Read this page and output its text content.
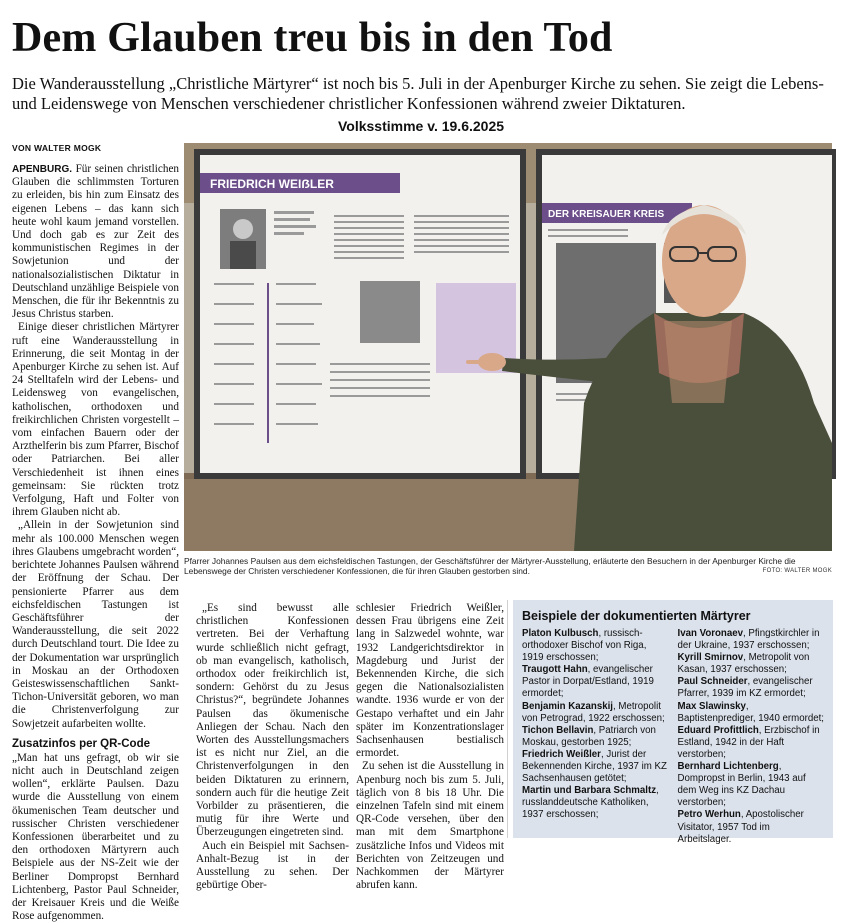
Dem Glauben treu bis in den Tod

Die Wanderausstellung „Christliche Märtyrer“ ist noch bis 5. Juli in der Apenburger Kirche zu sehen. Sie zeigt die Lebens- und Leidenswege von Menschen verschiedener christlicher Konfessionen während zweier Diktaturen.

Volksstimme v. 19.6.2025
VON WALTER MOGK

APENBURG. Für seinen christlichen Glauben die schlimmsten Torturen zu erleiden, bis hin zum Einsatz des eigenen Lebens – das kann sich heute wohl kaum jemand vorstellen. Und doch gab es zur Zeit des kommunistischen Regimes in der Sowjetunion und der nationalsozialistischen Diktatur in Deutschland unzählige Beispiele von Menschen, die für ihr Bekenntnis zu Jesus Christus starben.

Einige dieser christlichen Märtyrer ruft eine Wanderausstellung in Erinnerung, die seit Montag in der Apenburger Kirche zu sehen ist. Auf 24 Stelltafeln wird der Lebens- und Leidensweg von evangelischen, katholischen, orthodoxen und freikirchlichen Christen vorgestellt – vom einfachen Bauern oder der Arzthelferin bis zum Pfarrer, Bischof oder Patriarchen. Bei aller Verschiedenheit ist ihnen eines gemeinsam: Sie rückten trotz Verfolgung, Haft und Folter von ihrem Glauben nicht ab.

„Allein in der Sowjetunion sind mehr als 100.000 Menschen wegen ihres Glaubens umgebracht worden“, berichtete Johannes Paulsen während der Eröffnung der Schau. Der pensionierte Pfarrer aus dem eichsfeldischen Tastungen ist Geschäftsführer der Wanderausstellung, die seit 2022 durch Deutschland tourt. Die Idee zu der Dokumentation war ursprünglich in Moskau an der Orthodoxen Geisteswissenschaftlichen Sankt-Tichon-Universität geboren, wo man die Christenverfolgung zur Sowjetzeit aufarbeiten wollte.

Zusatzinfos per QR-Code

„Man hat uns gefragt, ob wir sie nicht auch in Deutschland zeigen wollen“, erklärte Paulsen. Dazu wurde die Ausstellung von einem ökumenischen Team deutscher und russischer Christen verschiedener Konfessionen überarbeitet und zu den orthodoxen Märtyrern auch Beispiele aus der NS-Zeit wie der Berliner Dompropst Bernhard Lichtenberg, Pastor Paul Schneider, der Kreisauer Kreis und die Weiße Rose aufgenommen.

FRIEDRICH WEIẞLER
DER KREISAUER KREIS

Pfarrer Johannes Paulsen aus dem eichsfeldischen Tastungen, der Geschäftsführer der Märtyrer-Ausstellung, erläuterte den Besuchern in der Apenburger Kirche die Lebenswege der Christen verschiedener Konfessionen, die für ihren Glauben gestorben sind.	FOTO: WALTER MOGK

„Es sind bewusst alle christlichen Konfessionen vertreten. Bei der Verhaftung wurde schließlich nicht gefragt, ob man evangelisch, katholisch, orthodox oder freikirchlich ist, sondern: Gehörst du zu Jesus Christus?“, begründete Johannes Paulsen das ökumenische Anliegen der Schau. Nach den Worten des Ausstellungsmachers ist es nicht nur Ziel, an die Christenverfolgungen in den beiden Diktaturen zu erinnern, sondern auch für die heutige Zeit Vorbilder zu präsentieren, die mutig für ihre Werte und Überzeugungen eingetreten sind.

Auch ein Beispiel mit Sachsen-Anhalt-Bezug ist in der Ausstellung zu sehen. Der gebürtige Ober-

schlesier Friedrich Weißler, dessen Frau übrigens eine Zeit lang in Salzwedel wohnte, war 1932 Landgerichtsdirektor in Magdeburg und Jurist der Bekennenden Kirche, die sich gegen die Nationalsozialisten wandte. 1936 wurde er von der Gestapo verhaftet und ein Jahr später im Konzentrationslager Sachsenhausen bestialisch ermordet.

Zu sehen ist die Ausstellung in Apenburg noch bis zum 5. Juli, täglich von 8 bis 18 Uhr. Die einzelnen Tafeln sind mit einem QR-Code versehen, über den man mit dem Smartphone zusätzliche Infos und Videos mit Berichten von Zeitzeugen und Nachkommen der Märtyrer abrufen kann.

Beispiele der dokumentierten Märtyrer
Platon Kulbusch, russisch-orthodoxer Bischof von Riga, 1919 erschossen;
Traugott Hahn, evangelischer Pastor in Dorpat/Estland, 1919 ermordet;
Benjamin Kazanskij, Metropolit von Petrograd, 1922 erschossen;
Tichon Bellavin, Patriarch von Moskau, gestorben 1925;
Friedrich Weißler, Jurist der Bekennenden Kirche, 1937 im KZ Sachsenhausen getötet;
Martin und Barbara Schmaltz, russlanddeutsche Katholiken, 1937 erschossen;
Ivan Voronaev, Pfingstkirchler in der Ukraine, 1937 erschossen;
Kyrill Smirnov, Metropolit von Kasan, 1937 erschossen;
Paul Schneider, evangelischer Pfarrer, 1939 im KZ ermordet;
Max Slawinsky, Baptistenprediger, 1940 ermordet;
Eduard Profittlich, Erzbischof in Estland, 1942 in der Haft verstorben;
Bernhard Lichtenberg, Dompropst in Berlin, 1943 auf dem Weg ins KZ Dachau verstorben;
Petro Werhun, Apostolischer Visitator, 1957 Tod im Arbeitslager.
